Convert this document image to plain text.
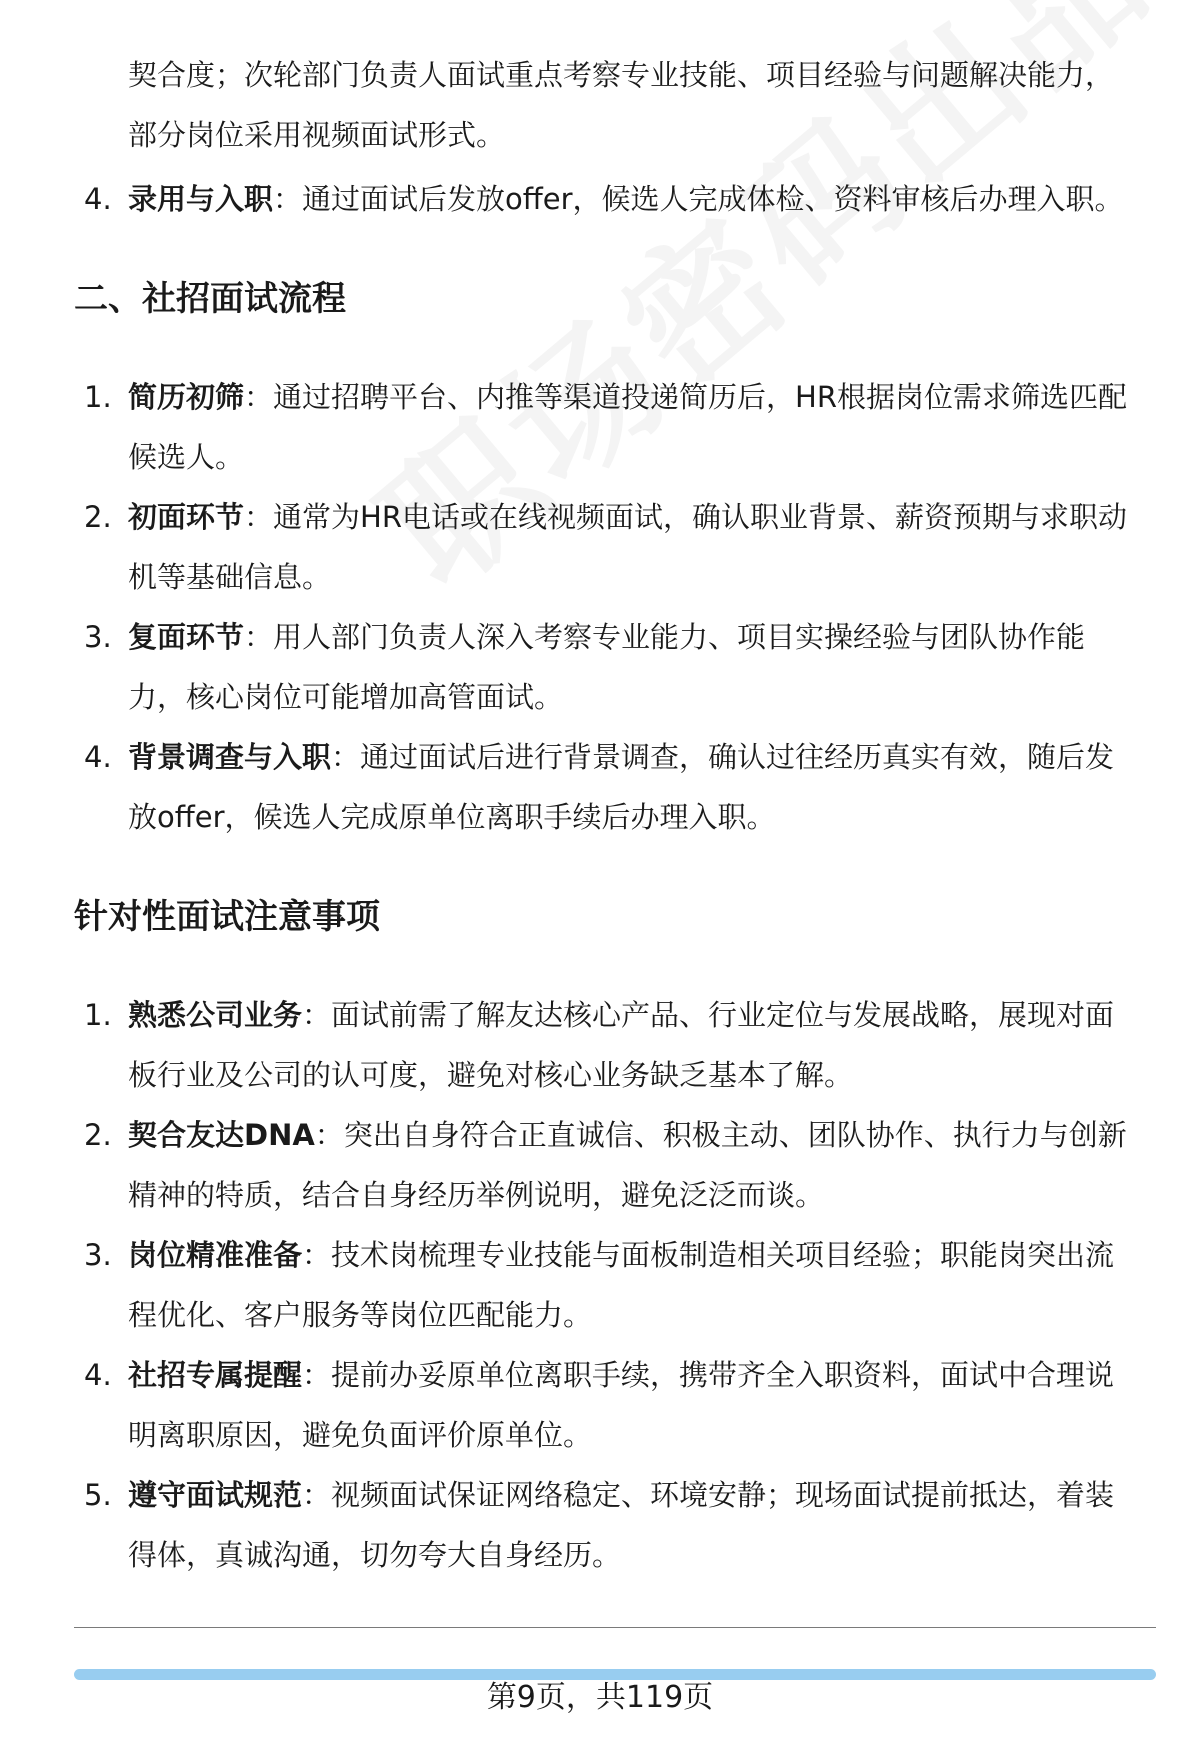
契合度；次轮部门负责人面试重点考察专业技能、项目经验与问题解决能力，
部分岗位采用视频面试形式。
4. 录用与入职：通过面试后发放offer，候选人完成体检、资料审核后办理入职。
二、社招面试流程
1. 简历初筛：通过招聘平台、内推等渠道投递简历后，HR根据岗位需求筛选匹配
候选人。
2. 初面环节：通常为HR电话或在线视频面试，确认职业背景、薪资预期与求职动
机等基础信息。
3. 复面环节：用人部门负责人深入考察专业能力、项目实操经验与团队协作能
力，核心岗位可能增加高管面试。
4. 背景调查与入职：通过面试后进行背景调查，确认过往经历真实有效，随后发
放offer，候选人完成原单位离职手续后办理入职。
针对性面试注意事项
1. 熟悉公司业务：面试前需了解友达核心产品、行业定位与发展战略，展现对面
板行业及公司的认可度，避免对核心业务缺乏基本了解。
2. 契合友达DNA：突出自身符合正直诚信、积极主动、团队协作、执行力与创新
精神的特质，结合自身经历举例说明，避免泛泛而谈。
3. 岗位精准准备：技术岗梳理专业技能与面板制造相关项目经验；职能岗突出流
程优化、客户服务等岗位匹配能力。
4. 社招专属提醒：提前办妥原单位离职手续，携带齐全入职资料，面试中合理说
明离职原因，避免负面评价原单位。
5. 遵守面试规范：视频面试保证网络稳定、环境安静；现场面试提前抵达，着装
得体，真诚沟通，切勿夸大自身经历。
第9页，共119页
